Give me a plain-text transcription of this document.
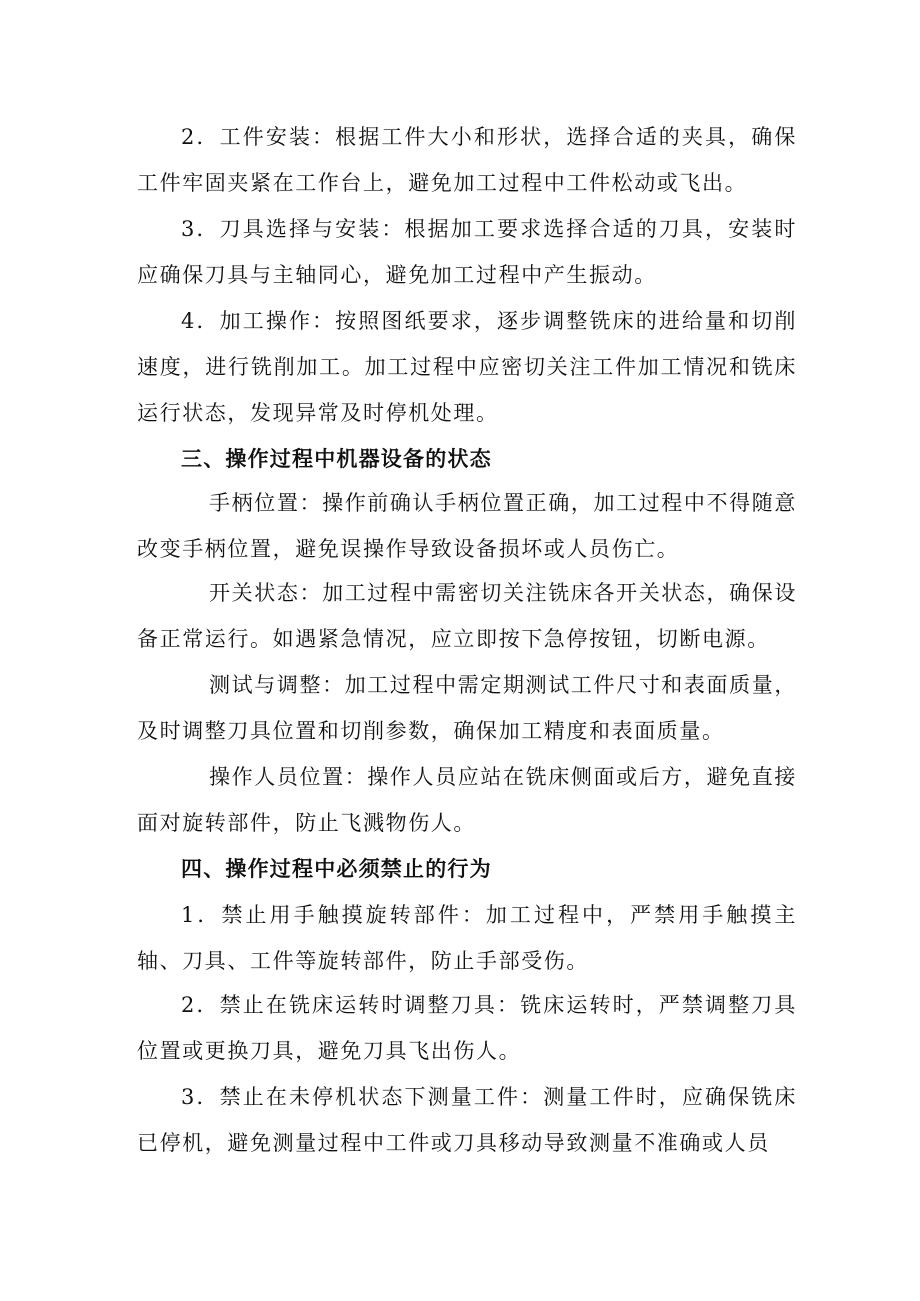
2．工件安装：根据工件大小和形状，选择合适的夹具，确保工件牢固夹紧在工作台上，避免加工过程中工件松动或飞出。

3．刀具选择与安装：根据加工要求选择合适的刀具，安装时应确保刀具与主轴同心，避免加工过程中产生振动。

4．加工操作：按照图纸要求，逐步调整铣床的进给量和切削速度，进行铣削加工。加工过程中应密切关注工件加工情况和铣床运行状态，发现异常及时停机处理。

三、操作过程中机器设备的状态

手柄位置：操作前确认手柄位置正确，加工过程中不得随意改变手柄位置，避免误操作导致设备损坏或人员伤亡。

开关状态：加工过程中需密切关注铣床各开关状态，确保设备正常运行。如遇紧急情况，应立即按下急停按钮，切断电源。

测试与调整：加工过程中需定期测试工件尺寸和表面质量，及时调整刀具位置和切削参数，确保加工精度和表面质量。

操作人员位置：操作人员应站在铣床侧面或后方，避免直接面对旋转部件，防止飞溅物伤人。

四、操作过程中必须禁止的行为

1．禁止用手触摸旋转部件：加工过程中，严禁用手触摸主轴、刀具、工件等旋转部件，防止手部受伤。

2．禁止在铣床运转时调整刀具：铣床运转时，严禁调整刀具位置或更换刀具，避免刀具飞出伤人。

3．禁止在未停机状态下测量工件：测量工件时，应确保铣床已停机，避免测量过程中工件或刀具移动导致测量不准确或人员
